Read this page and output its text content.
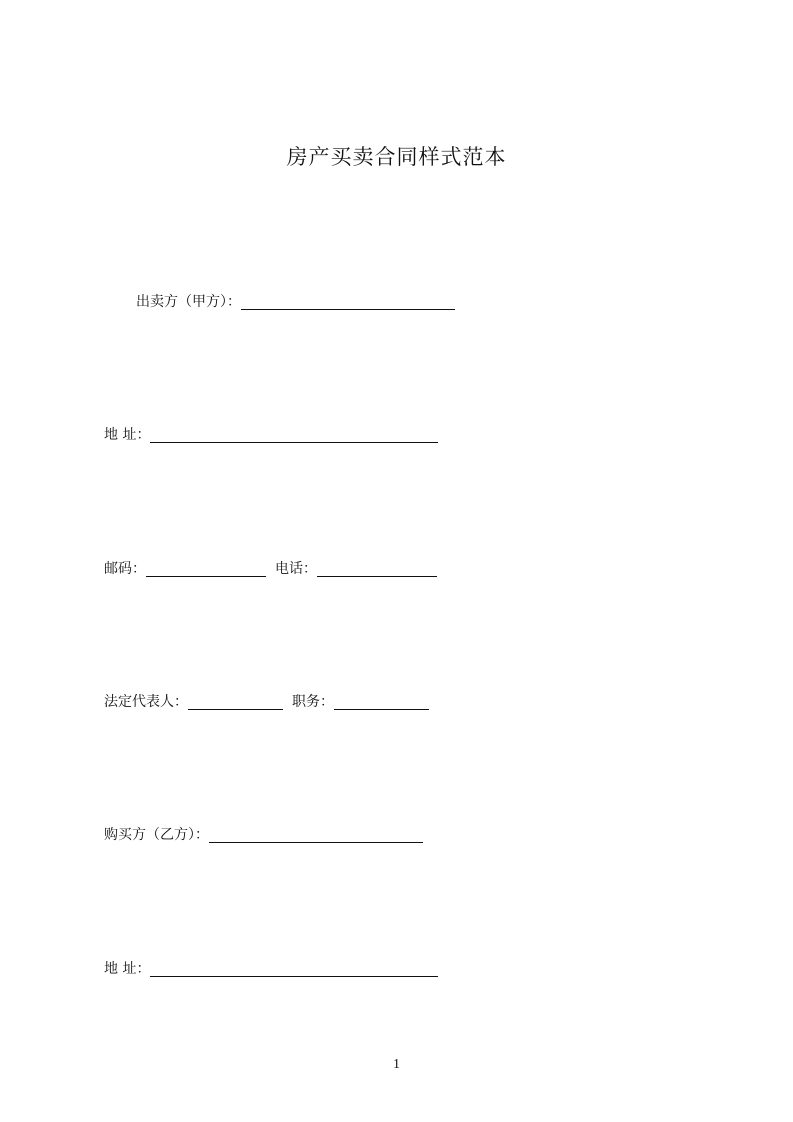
房产买卖合同样式范本
出卖方（甲方）：
地 址：
邮码：	电话：
法定代表人：	职务：
购买方（乙方）：
地 址：
1
